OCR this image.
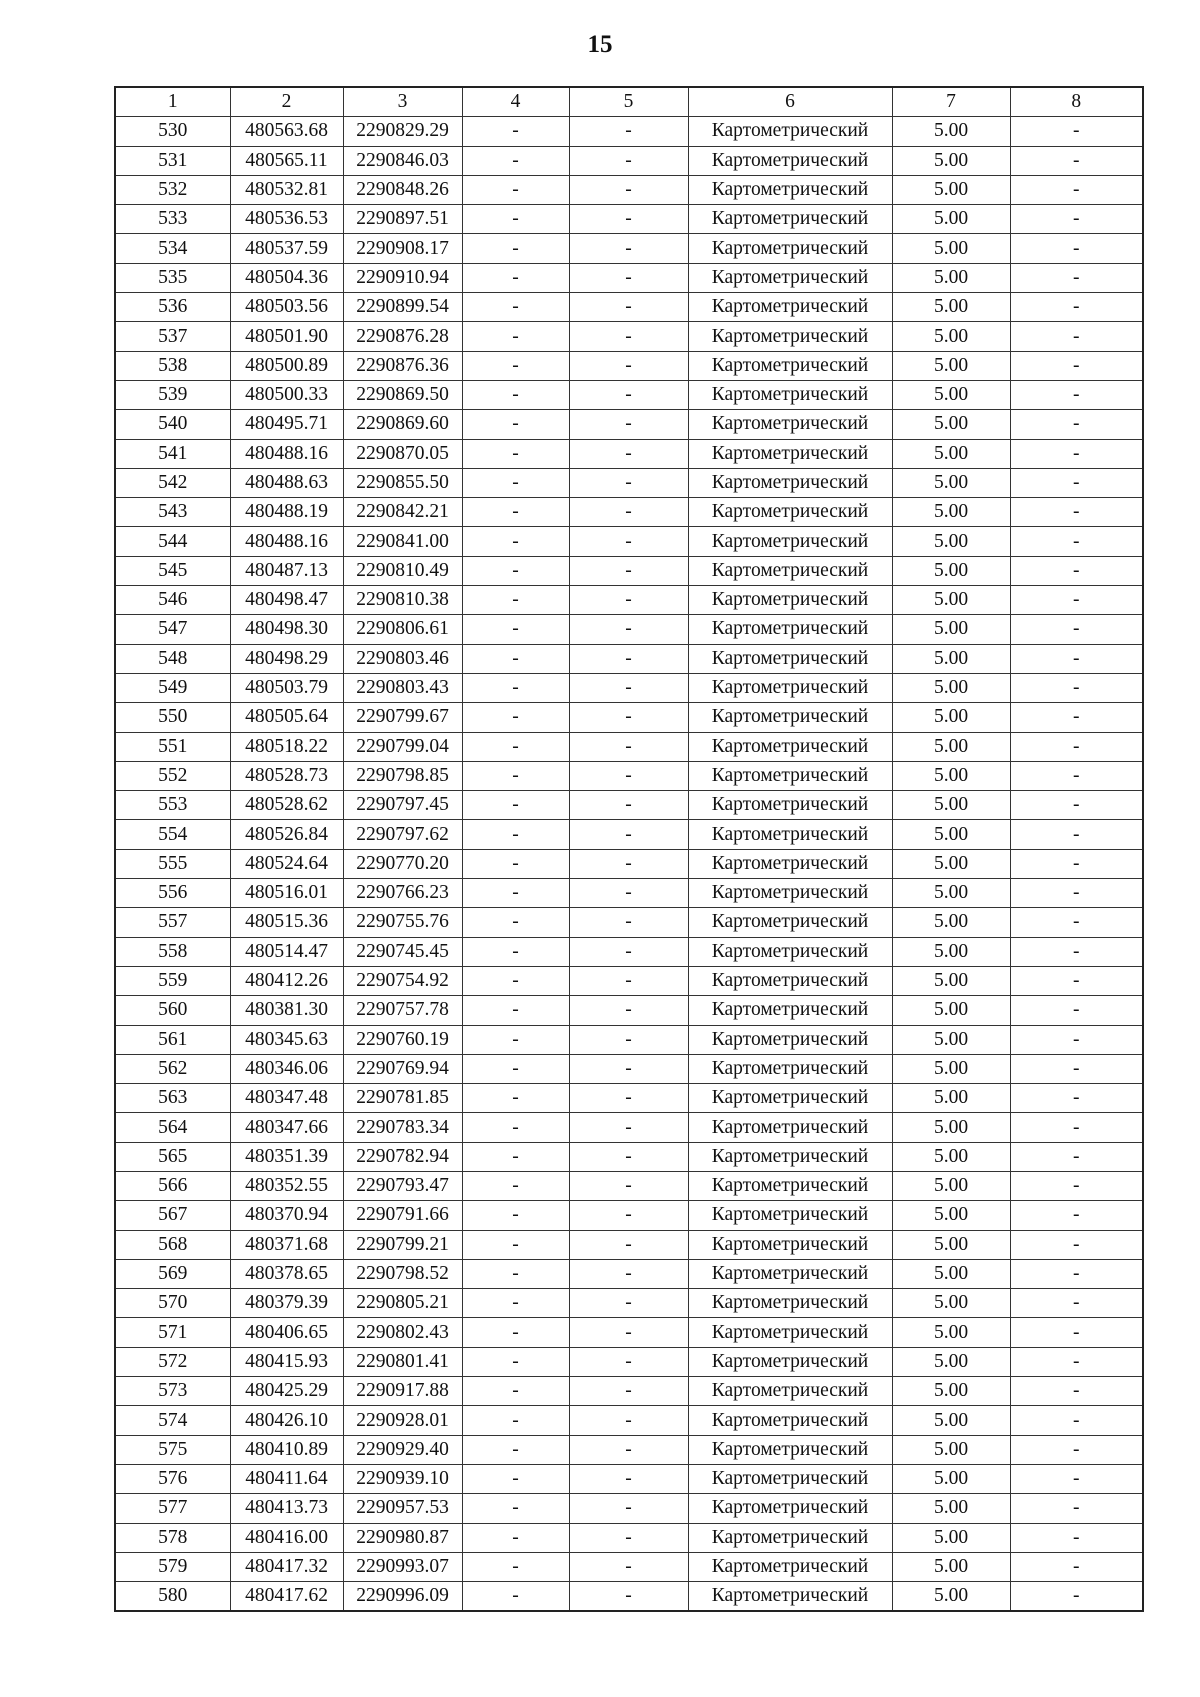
15
1	2	3	4	5	6	7	8
530	480563.68	2290829.29	-	-	Картометрический	5.00	-
531	480565.11	2290846.03	-	-	Картометрический	5.00	-
532	480532.81	2290848.26	-	-	Картометрический	5.00	-
533	480536.53	2290897.51	-	-	Картометрический	5.00	-
534	480537.59	2290908.17	-	-	Картометрический	5.00	-
535	480504.36	2290910.94	-	-	Картометрический	5.00	-
536	480503.56	2290899.54	-	-	Картометрический	5.00	-
537	480501.90	2290876.28	-	-	Картометрический	5.00	-
538	480500.89	2290876.36	-	-	Картометрический	5.00	-
539	480500.33	2290869.50	-	-	Картометрический	5.00	-
540	480495.71	2290869.60	-	-	Картометрический	5.00	-
541	480488.16	2290870.05	-	-	Картометрический	5.00	-
542	480488.63	2290855.50	-	-	Картометрический	5.00	-
543	480488.19	2290842.21	-	-	Картометрический	5.00	-
544	480488.16	2290841.00	-	-	Картометрический	5.00	-
545	480487.13	2290810.49	-	-	Картометрический	5.00	-
546	480498.47	2290810.38	-	-	Картометрический	5.00	-
547	480498.30	2290806.61	-	-	Картометрический	5.00	-
548	480498.29	2290803.46	-	-	Картометрический	5.00	-
549	480503.79	2290803.43	-	-	Картометрический	5.00	-
550	480505.64	2290799.67	-	-	Картометрический	5.00	-
551	480518.22	2290799.04	-	-	Картометрический	5.00	-
552	480528.73	2290798.85	-	-	Картометрический	5.00	-
553	480528.62	2290797.45	-	-	Картометрический	5.00	-
554	480526.84	2290797.62	-	-	Картометрический	5.00	-
555	480524.64	2290770.20	-	-	Картометрический	5.00	-
556	480516.01	2290766.23	-	-	Картометрический	5.00	-
557	480515.36	2290755.76	-	-	Картометрический	5.00	-
558	480514.47	2290745.45	-	-	Картометрический	5.00	-
559	480412.26	2290754.92	-	-	Картометрический	5.00	-
560	480381.30	2290757.78	-	-	Картометрический	5.00	-
561	480345.63	2290760.19	-	-	Картометрический	5.00	-
562	480346.06	2290769.94	-	-	Картометрический	5.00	-
563	480347.48	2290781.85	-	-	Картометрический	5.00	-
564	480347.66	2290783.34	-	-	Картометрический	5.00	-
565	480351.39	2290782.94	-	-	Картометрический	5.00	-
566	480352.55	2290793.47	-	-	Картометрический	5.00	-
567	480370.94	2290791.66	-	-	Картометрический	5.00	-
568	480371.68	2290799.21	-	-	Картометрический	5.00	-
569	480378.65	2290798.52	-	-	Картометрический	5.00	-
570	480379.39	2290805.21	-	-	Картометрический	5.00	-
571	480406.65	2290802.43	-	-	Картометрический	5.00	-
572	480415.93	2290801.41	-	-	Картометрический	5.00	-
573	480425.29	2290917.88	-	-	Картометрический	5.00	-
574	480426.10	2290928.01	-	-	Картометрический	5.00	-
575	480410.89	2290929.40	-	-	Картометрический	5.00	-
576	480411.64	2290939.10	-	-	Картометрический	5.00	-
577	480413.73	2290957.53	-	-	Картометрический	5.00	-
578	480416.00	2290980.87	-	-	Картометрический	5.00	-
579	480417.32	2290993.07	-	-	Картометрический	5.00	-
580	480417.62	2290996.09	-	-	Картометрический	5.00	-
